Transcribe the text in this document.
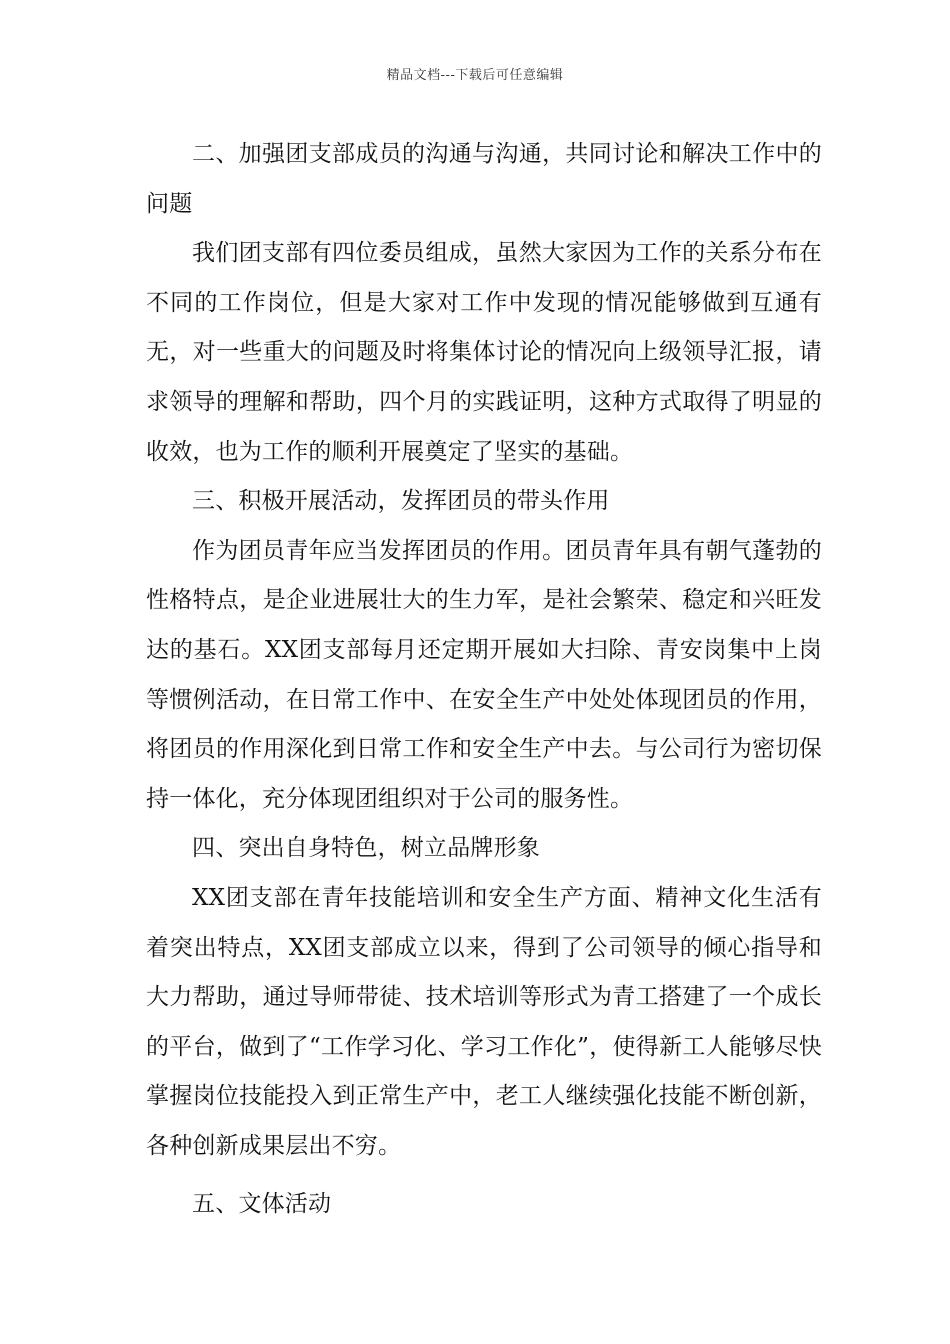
精品文档---下载后可任意编辑

二、加强团支部成员的沟通与沟通，共同讨论和解决工作中的问题

我们团支部有四位委员组成，虽然大家因为工作的关系分布在不同的工作岗位，但是大家对工作中发现的情况能够做到互通有无，对一些重大的问题及时将集体讨论的情况向上级领导汇报，请求领导的理解和帮助，四个月的实践证明，这种方式取得了明显的收效，也为工作的顺利开展奠定了坚实的基础。

三、积极开展活动，发挥团员的带头作用

作为团员青年应当发挥团员的作用。团员青年具有朝气蓬勃的性格特点，是企业进展壮大的生力军，是社会繁荣、稳定和兴旺发达的基石。XX团支部每月还定期开展如大扫除、青安岗集中上岗等惯例活动，在日常工作中、在安全生产中处处体现团员的作用，将团员的作用深化到日常工作和安全生产中去。与公司行为密切保持一体化，充分体现团组织对于公司的服务性。

四、突出自身特色，树立品牌形象

XX团支部在青年技能培训和安全生产方面、精神文化生活有着突出特点，XX团支部成立以来，得到了公司领导的倾心指导和大力帮助，通过导师带徒、技术培训等形式为青工搭建了一个成长的平台，做到了“工作学习化、学习工作化”，使得新工人能够尽快掌握岗位技能投入到正常生产中，老工人继续强化技能不断创新，各种创新成果层出不穷。

五、文体活动
